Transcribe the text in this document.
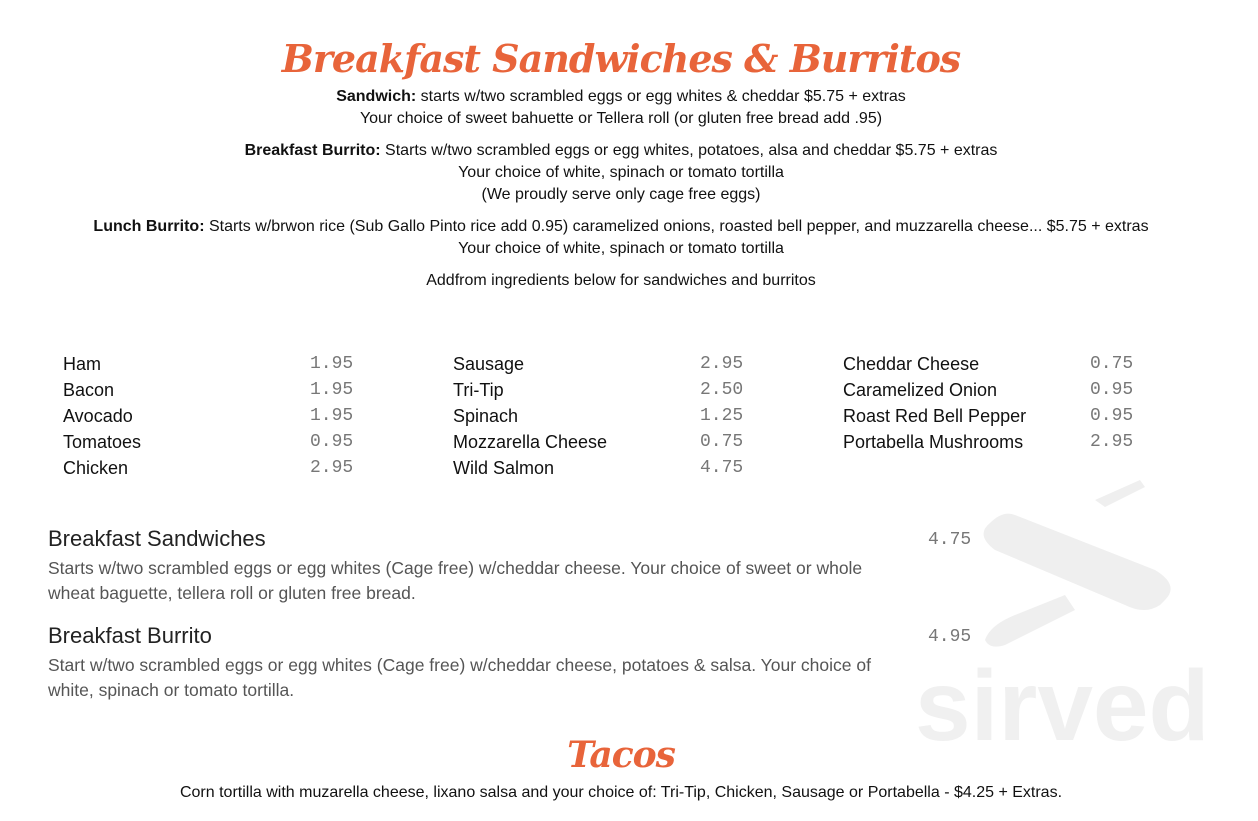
sirved
Breakfast Sandwiches & Burritos
Sandwich: starts w/two scrambled eggs or egg whites & cheddar $5.75 + extras
Your choice of sweet bahuette or Tellera roll (or gluten free bread add .95)
Breakfast Burrito: Starts w/two scrambled eggs or egg whites, potatoes, alsa and cheddar $5.75 + extras
Your choice of white, spinach or tomato tortilla
(We proudly serve only cage free eggs)
Lunch Burrito: Starts w/brwon rice (Sub Gallo Pinto rice add 0.95) caramelized onions, roasted bell pepper, and muzzarella cheese... $5.75 + extras
Your choice of white, spinach or tomato tortilla
Addfrom ingredients below for sandwiches and burritos
Ham	1.95
Bacon	1.95
Avocado	1.95
Tomatoes	0.95
Chicken	2.95
Sausage	2.95
Tri-Tip	2.50
Spinach	1.25
Mozzarella Cheese	0.75
Wild Salmon	4.75
Cheddar Cheese	0.75
Caramelized Onion	0.95
Roast Red Bell Pepper	0.95
Portabella Mushrooms	2.95
Breakfast Sandwiches
Starts w/two scrambled eggs or egg whites (Cage free) w/cheddar cheese. Your choice of sweet or whole wheat baguette, tellera roll or gluten free bread.
4.75
Breakfast Burrito
Start w/two scrambled eggs or egg whites (Cage free) w/cheddar cheese, potatoes & salsa. Your choice of white, spinach or tomato tortilla.
4.95
Tacos
Corn tortilla with muzarella cheese, lixano salsa and your choice of: Tri-Tip, Chicken, Sausage or Portabella - $4.25 + Extras.
